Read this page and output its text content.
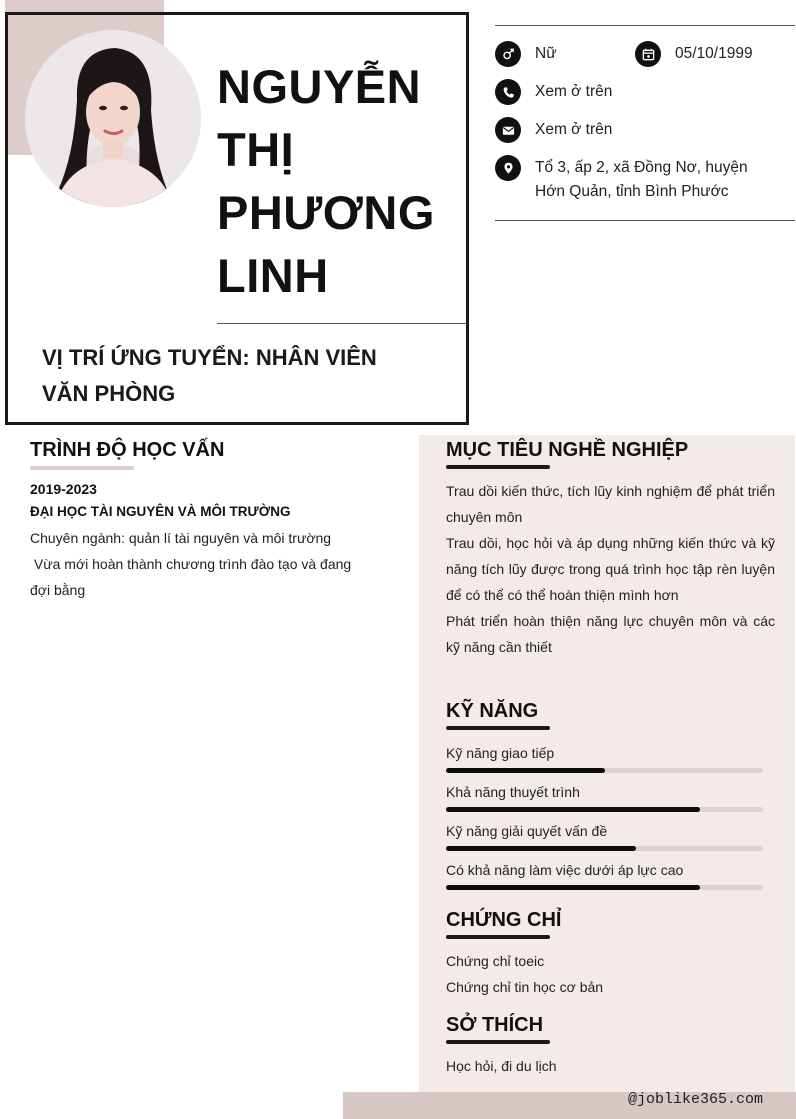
NGUYỄN
THỊ
PHƯƠNG
LINH
VỊ TRÍ ỨNG TUYỂN: NHÂN VIÊN VĂN PHÒNG
Nữ	05/10/1999
Xem ở trên
Xem ở trên
Tổ 3, ấp 2, xã Đồng Nơ, huyện Hớn Quản, tỉnh Bình Phước
TRÌNH ĐỘ HỌC VẤN
2019-2023
ĐẠI HỌC TÀI NGUYÊN VÀ MÔI TRƯỜNG

Chuyên ngành: quản lí tài nguyên và môi trường

Vừa mới hoàn thành chương trình đào tạo và đang đợi bằng

MỤC TIÊU NGHỀ NGHIỆP

Trau dồi kiến thức, tích lũy kinh nghiệm để phát triển chuyên môn

Trau dồi, học hỏi và áp dụng những kiến thức và kỹ năng tích lũy được trong quá trình học tập rèn luyện để có thể có thể hoàn thiện mình hơn

Phát triển hoàn thiện năng lực chuyên môn và các kỹ năng cần thiết

KỸ NĂNG
Kỹ năng giao tiếp
Khả năng thuyết trình
Kỹ năng giải quyết vấn đề
Có khả năng làm việc dưới áp lực cao
CHỨNG CHỈ

Chứng chỉ toeic

Chứng chỉ tin học cơ bản

SỞ THÍCH
Học hỏi, đi du lịch
@joblike365.com
